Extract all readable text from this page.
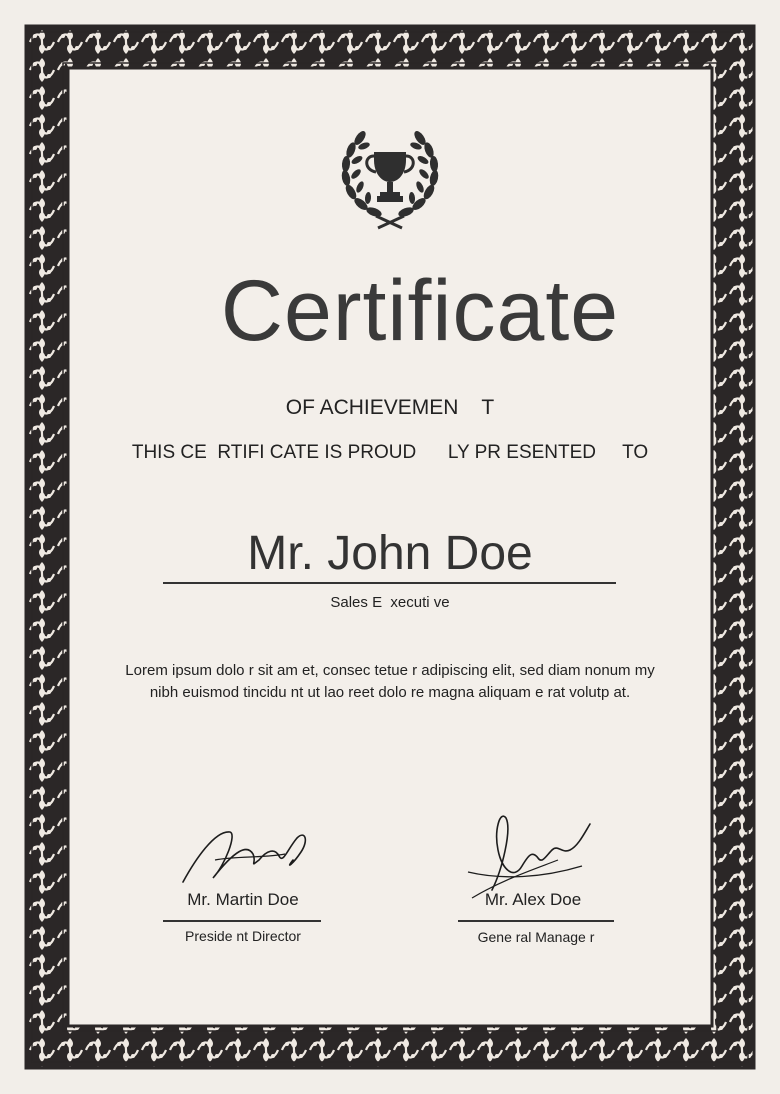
Certificate
OF ACHIEVEMEN    T
THIS CE  RTIFI CATE IS PROUD      LY PR ESENTED     TO
Mr. John Doe
Sales E  xecuti ve
Lorem ipsum dolo r sit am et, consec tetue r adipiscing elit, sed diam nonum my nibh euismod tincidu nt ut lao reet dolo re magna aliquam e rat volutp at.
Mr. Martin Doe
Preside nt Director
Mr. Alex Doe
Gene ral Manage r
